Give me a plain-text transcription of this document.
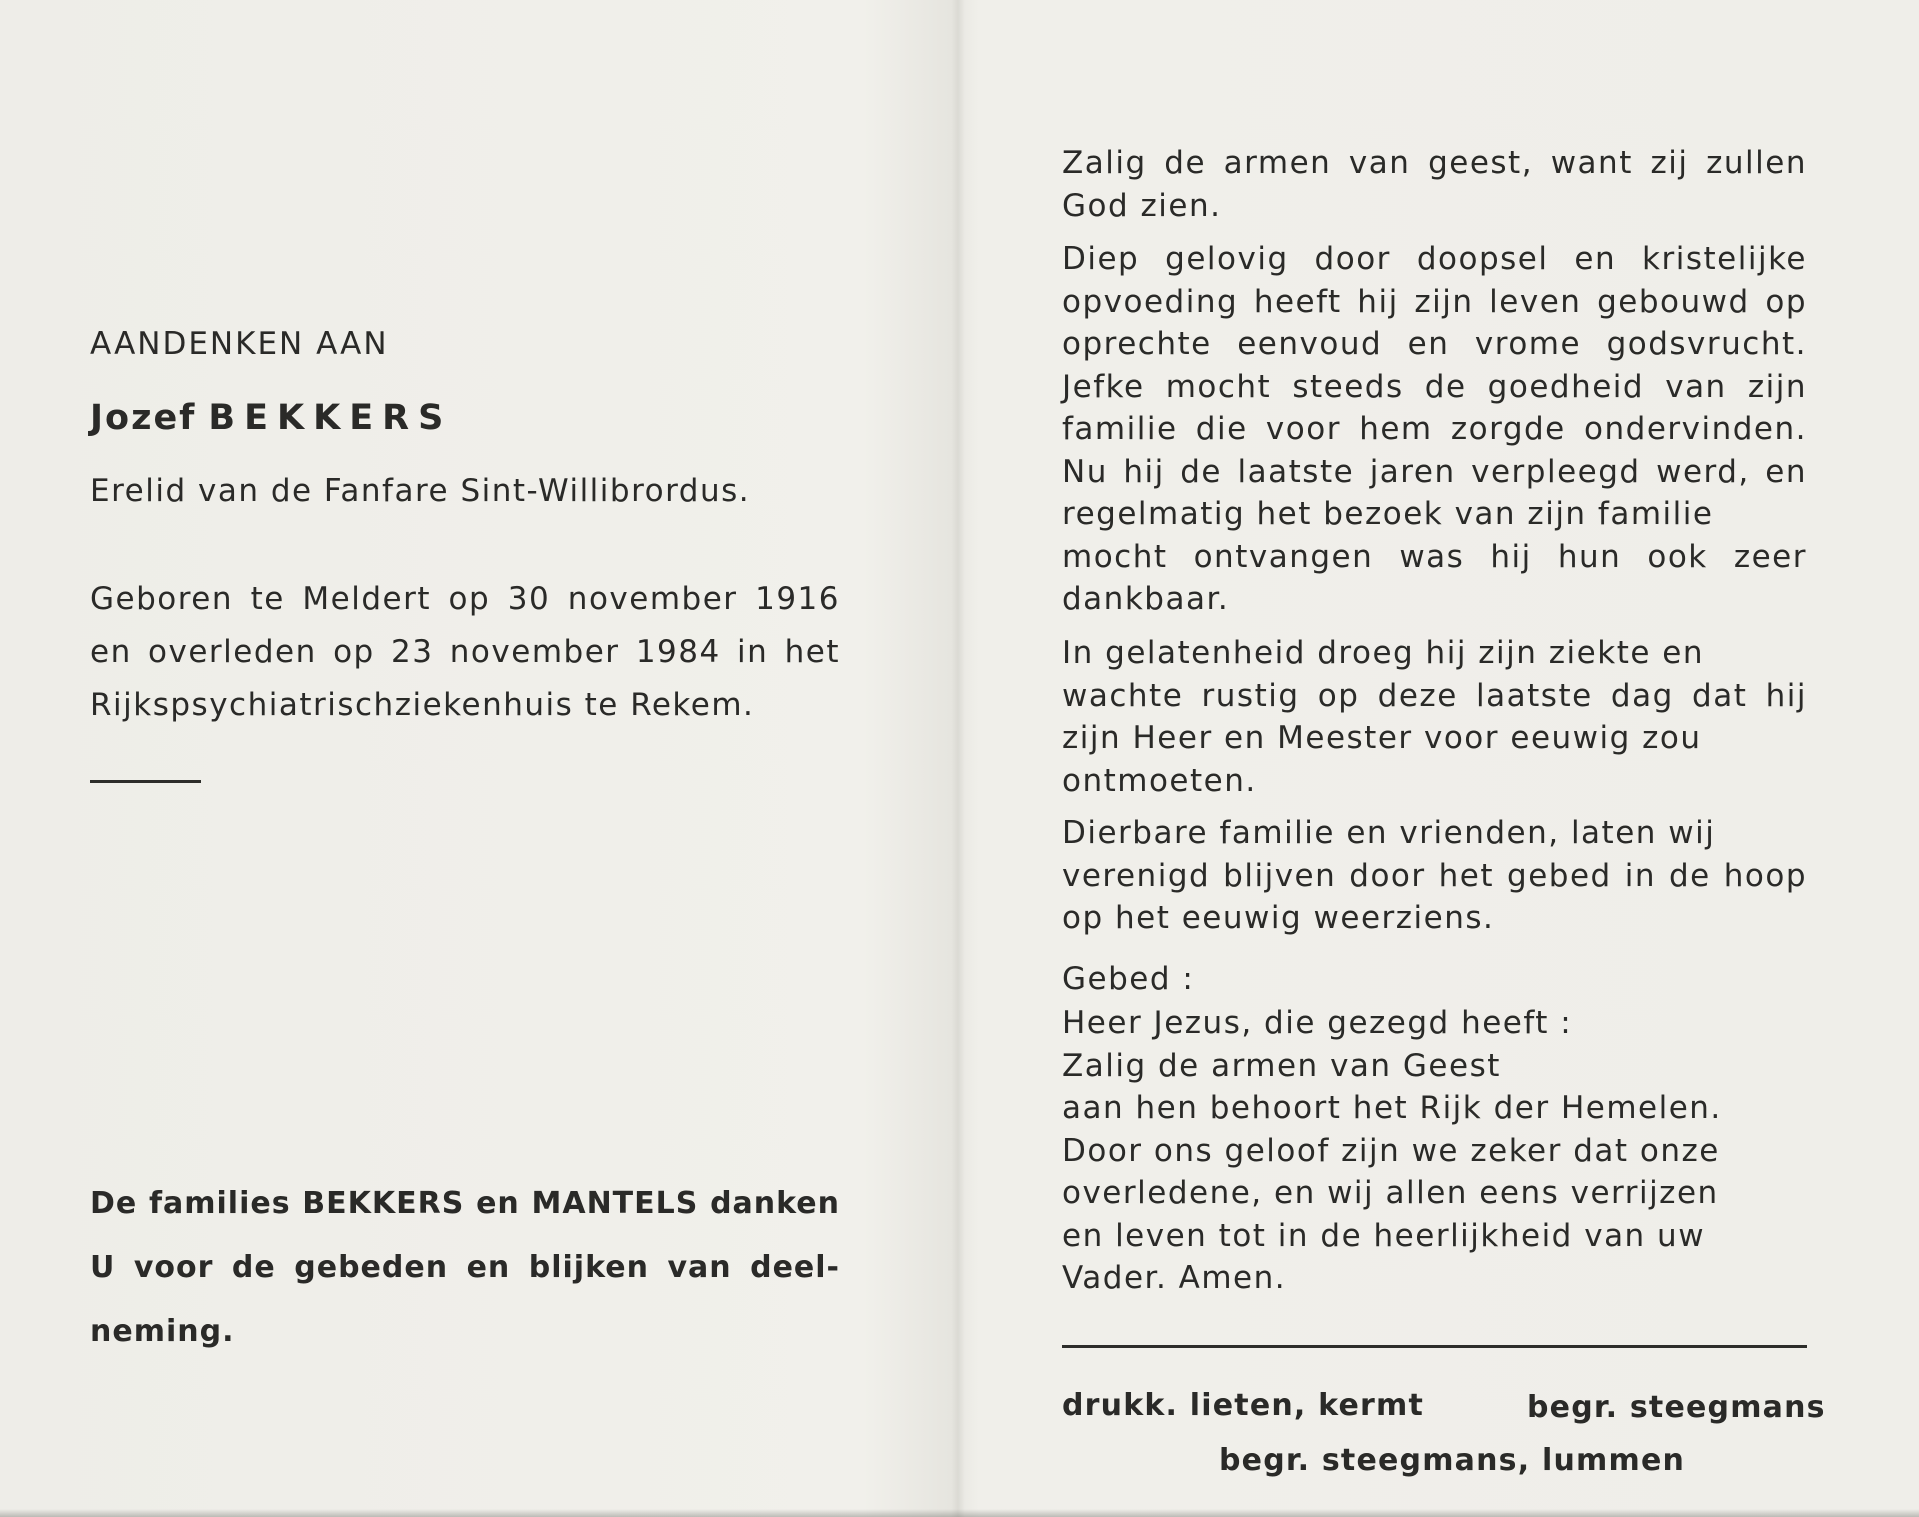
AANDENKEN AAN

Jozef BEKKERS

Erelid van de Fanfare Sint-Willibrordus.

Geboren te Meldert op 30 november 1916
en overleden op 23 november 1984 in het
Rijkspsychiatrischziekenhuis te Rekem.
De families BEKKERS en MANTELS danken
U voor de gebeden en blijken van deel-
neming.
Zalig de armen van geest, want zij zullen
God zien.
Diep gelovig door doopsel en kristelijke
opvoeding heeft hij zijn leven gebouwd op
oprechte eenvoud en vrome godsvrucht.
Jefke mocht steeds de goedheid van zijn
familie die voor hem zorgde ondervinden.
Nu hij de laatste jaren verpleegd werd, en
regelmatig het bezoek van zijn familie
mocht ontvangen was hij hun ook zeer
dankbaar.
In gelatenheid droeg hij zijn ziekte en
wachte rustig op deze laatste dag dat hij
zijn Heer en Meester voor eeuwig zou
ontmoeten.
Dierbare familie en vrienden, laten wij
verenigd blijven door het gebed in de hoop
op het eeuwig weerziens.

Gebed :

Heer Jezus, die gezegd heeft :
Zalig de armen van Geest
aan hen behoort het Rijk der Hemelen.
Door ons geloof zijn we zeker dat onze
overledene, en wij allen eens verrijzen
en leven tot in de heerlijkheid van uw
Vader. Amen.
drukk. lieten, kermt	begr. steegmans
begr. steegmans, lummen
